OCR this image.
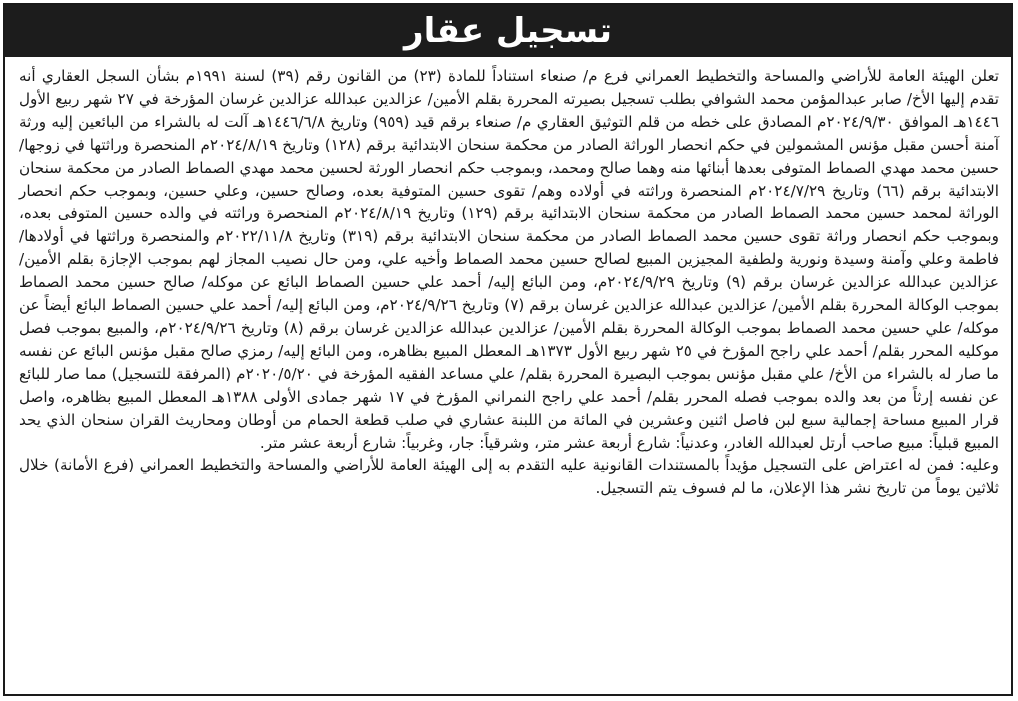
تسجيل عقار

تعلن الهيئة العامة للأراضي والمساحة والتخطيط العمراني فرع م/ صنعاء استناداً للمادة (٢٣) من القانون رقم (٣٩) لسنة ١٩٩١م بشأن السجل العقاري أنه تقدم إليها الأخ/ صابر عبدالمؤمن محمد الشوافي بطلب تسجيل بصيرته المحررة بقلم الأمين/ عزالدين عبدالله عزالدين غرسان المؤرخة في ٢٧ شهر ربيع الأول ١٤٤٦هـ الموافق ٢٠٢٤/٩/٣٠م المصادق على خطه من قلم التوثيق العقاري م/ صنعاء برقم قيد (٩٥٩) وتاريخ ١٤٤٦/٦/٨هـ آلت له بالشراء من البائعين إليه ورثة آمنة أحسن مقبل مؤنس المشمولين في حكم انحصار الوراثة الصادر من محكمة سنحان الابتدائية برقم (١٢٨) وتاريخ ٢٠٢٤/٨/١٩م المنحصرة وراثتها في زوجها/ حسين محمد مهدي الصماط المتوفى بعدها أبنائها منه وهما صالح ومحمد، وبموجب حكم انحصار الورثة لحسين محمد مهدي الصماط الصادر من محكمة سنحان الابتدائية برقم (٦٦) وتاريخ ٢٠٢٤/٧/٢٩م المنحصرة وراثته في أولاده وهم/ تقوى حسين المتوفية بعده، وصالح حسين، وعلي حسين، وبموجب حكم انحصار الوراثة لمحمد حسين محمد الصماط الصادر من محكمة سنحان الابتدائية برقم (١٢٩) وتاريخ ٢٠٢٤/٨/١٩م المنحصرة وراثته في والده حسين المتوفى بعده، وبموجب حكم انحصار وراثة تقوى حسين محمد الصماط الصادر من محكمة سنحان الابتدائية برقم (٣١٩) وتاريخ ٢٠٢٢/١١/٨م والمنحصرة وراثتها في أولادها/ فاطمة وعلي وآمنة وسيدة ونورية ولطفية المجيزين المبيع لصالح حسين محمد الصماط وأخيه علي، ومن حال نصيب المجاز لهم بموجب الإجازة بقلم الأمين/ عزالدين عبدالله عزالدين غرسان برقم (٩) وتاريخ ٢٠٢٤/٩/٢٩م، ومن البائع إليه/ أحمد علي حسين الصماط البائع عن موكله/ صالح حسين محمد الصماط بموجب الوكالة المحررة بقلم الأمين/ عزالدين عبدالله عزالدين غرسان برقم (٧) وتاريخ ٢٠٢٤/٩/٢٦م، ومن البائع إليه/ أحمد علي حسين الصماط البائع أيضاً عن موكله/ علي حسين محمد الصماط بموجب الوكالة المحررة بقلم الأمين/ عزالدين عبدالله عزالدين غرسان برقم (٨) وتاريخ ٢٠٢٤/٩/٢٦م، والمبيع بموجب فصل موكليه المحرر بقلم/ أحمد علي راجح المؤرخ في ٢٥ شهر ربيع الأول ١٣٧٣هـ المعطل المبيع بظاهره، ومن البائع إليه/ رمزي صالح مقبل مؤنس البائع عن نفسه ما صار له بالشراء من الأخ/ علي مقبل مؤنس بموجب البصيرة المحررة بقلم/ علي مساعد الفقيه المؤرخة في ٢٠٢٠/٥/٢٠م (المرفقة للتسجيل) مما صار للبائع عن نفسه إرثاً من بعد والده بموجب فصله المحرر بقلم/ أحمد علي راجح النمراني المؤرخ في ١٧ شهر جمادى الأولى ١٣٨٨هـ المعطل المبيع بظاهره، واصل قرار المبيع مساحة إجمالية سبع لبن فاصل اثنين وعشرين في المائة من اللبنة عشاري في صلب قطعة الحمام من أوطان ومحاريث القران سنحان الذي يحد المبيع قبلياً: مبيع صاحب أرتل لعبدالله الغادر، وعدنياً: شارع أربعة عشر متر، وشرقياً: جار، وغربياً: شارع أربعة عشر متر.

وعليه: فمن له اعتراض على التسجيل مؤيداً بالمستندات القانونية عليه التقدم به إلى الهيئة العامة للأراضي والمساحة والتخطيط العمراني (فرع الأمانة) خلال ثلاثين يوماً من تاريخ نشر هذا الإعلان، ما لم فسوف يتم التسجيل.
